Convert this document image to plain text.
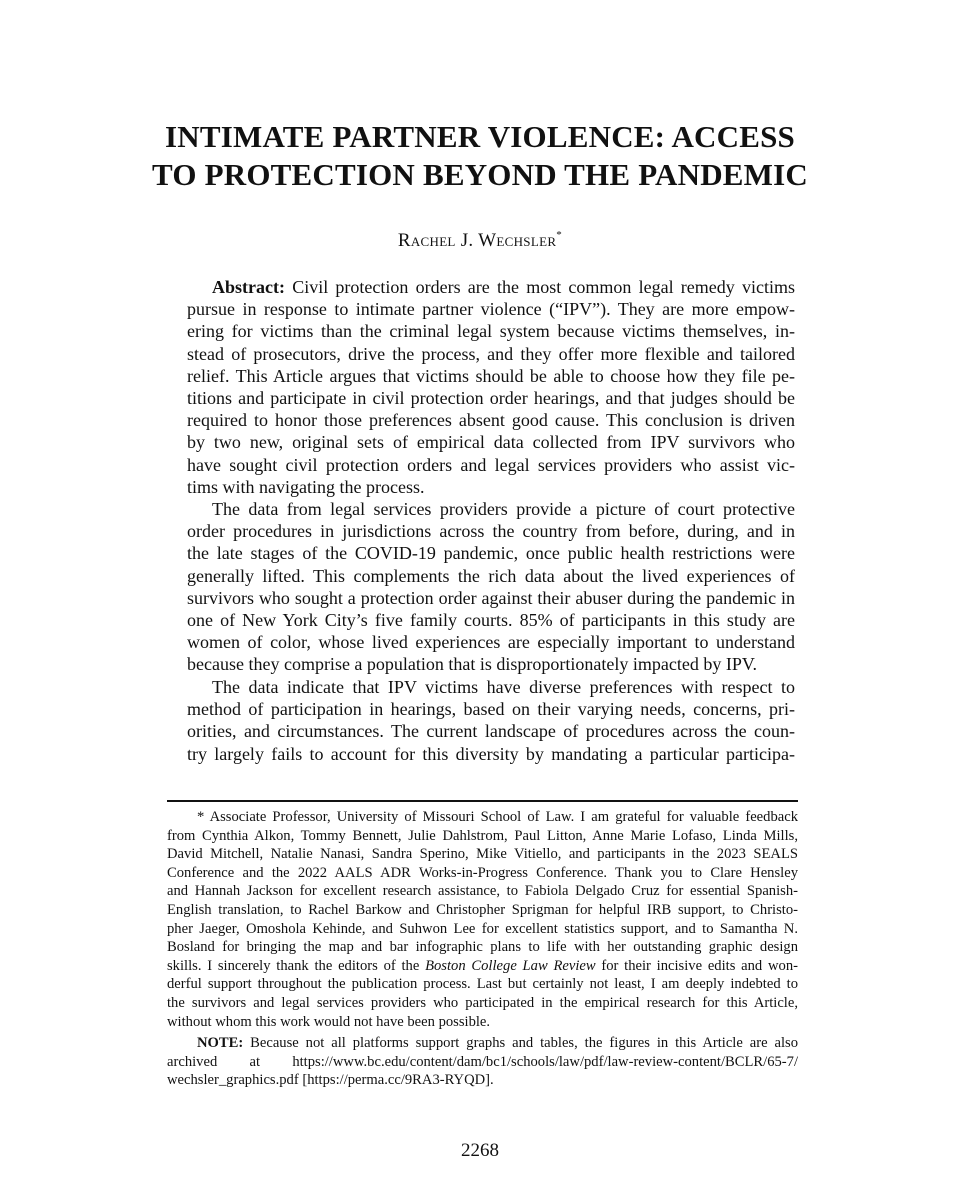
INTIMATE PARTNER VIOLENCE: ACCESS
TO PROTECTION BEYOND THE PANDEMIC
Rachel J. Wechsler*
Abstract: Civil protection orders are the most common legal remedy victims
pursue in response to intimate partner violence (“IPV”). They are more empow-
ering for victims than the criminal legal system because victims themselves, in-
stead of prosecutors, drive the process, and they offer more flexible and tailored
relief. This Article argues that victims should be able to choose how they file pe-
titions and participate in civil protection order hearings, and that judges should be
required to honor those preferences absent good cause. This conclusion is driven
by two new, original sets of empirical data collected from IPV survivors who
have sought civil protection orders and legal services providers who assist vic-
tims with navigating the process.
The data from legal services providers provide a picture of court protective
order procedures in jurisdictions across the country from before, during, and in
the late stages of the COVID-19 pandemic, once public health restrictions were
generally lifted. This complements the rich data about the lived experiences of
survivors who sought a protection order against their abuser during the pandemic in
one of New York City’s five family courts. 85% of participants in this study are
women of color, whose lived experiences are especially important to understand
because they comprise a population that is disproportionately impacted by IPV.
The data indicate that IPV victims have diverse preferences with respect to
method of participation in hearings, based on their varying needs, concerns, pri-
orities, and circumstances. The current landscape of procedures across the coun-
try largely fails to account for this diversity by mandating a particular participa-
* Associate Professor, University of Missouri School of Law. I am grateful for valuable feedback
from Cynthia Alkon, Tommy Bennett, Julie Dahlstrom, Paul Litton, Anne Marie Lofaso, Linda Mills,
David Mitchell, Natalie Nanasi, Sandra Sperino, Mike Vitiello, and participants in the 2023 SEALS
Conference and the 2022 AALS ADR Works-in-Progress Conference. Thank you to Clare Hensley
and Hannah Jackson for excellent research assistance, to Fabiola Delgado Cruz for essential Spanish-
English translation, to Rachel Barkow and Christopher Sprigman for helpful IRB support, to Christo-
pher Jaeger, Omoshola Kehinde, and Suhwon Lee for excellent statistics support, and to Samantha N.
Bosland for bringing the map and bar infographic plans to life with her outstanding graphic design
skills. I sincerely thank the editors of the Boston College Law Review for their incisive edits and won-
derful support throughout the publication process. Last but certainly not least, I am deeply indebted to
the survivors and legal services providers who participated in the empirical research for this Article,
without whom this work would not have been possible.
NOTE: Because not all platforms support graphs and tables, the figures in this Article are also
archived at https://www.bc.edu/content/dam/bc1/schools/law/pdf/law-review-content/BCLR/65-7/
wechsler_graphics.pdf [https://perma.cc/9RA3-RYQD].
2268
